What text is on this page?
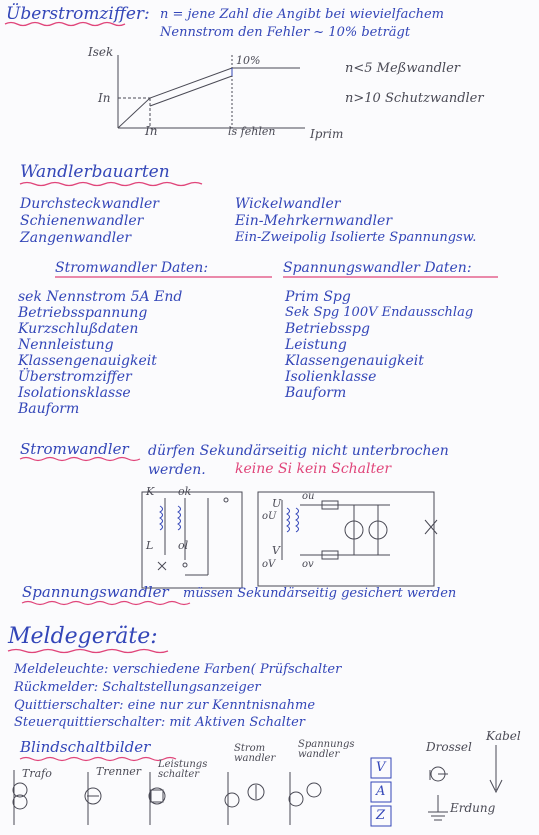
Überstromziffer: n = jene Zahl die Angibt bei wievielfachem
Nennstrom den Fehler ~ 10% beträgt
Isek
In
In	ls fehlen	Iprim
10%
n<5 Meßwandler
n>10 Schutzwandler
Wandlerbauarten
Durchsteckwandler
Schienenwandler
Zangenwandler
Wickelwandler
Ein-Mehrkernwandler
Ein-Zweipolig Isolierte Spannungsw.
Stromwandler Daten:	Spannungswandler Daten:
sek Nennstrom 5A End
Betriebsspannung
Kurzschlußdaten
Nennleistung
Klassengenauigkeit
Überstromziffer
Isolationsklasse
Bauform
Prim Spg
Sek Spg 100V Endausschlag
Betriebsspg
Leistung
Klassengenauigkeit
Isolienklasse
Bauform
Stromwandler dürfen Sekundärseitig nicht unterbrochen
werden. keine Si kein Schalter
K ok
L ol
U
ou
V
ov
oU
oV
Spannungswandler müssen Sekundärseitig gesichert werden
Meldegeräte:
Meldeleuchte: verschiedene Farben( Prüfschalter
Rückmelder: Schaltstellungsanzeiger
Quittierschalter: eine nur zur Kenntnisnahme
Steuerquittierschalter: mit Aktiven Schalter
Blindschaltbilder
Trafo	Trenner
Leistungs schalter
Strom wandler
Spannungs wandler
V
A
Z
Drossel
Kabel
Erdung
